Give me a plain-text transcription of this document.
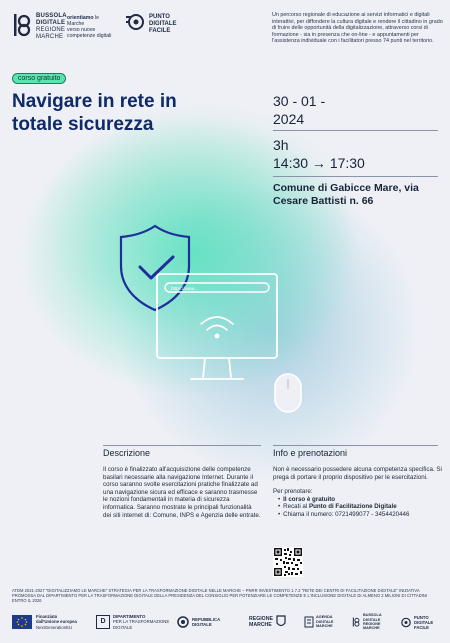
BUSSOLA
DIGITALE
REGIONE
MARCHE
orientiamo le
Marche
verso nuove
competenze digitali
PUNTO
DIGITALE
FACILE
Un percorso regionale di educazione ai servizi informatici e digitali interattivi, per diffondere la cultura digitale e rendere il cittadino in grado di fruire delle opportunità della digitalizzazione, attraverso corsi di formazione - sia in presenza che on-line - e appuntamenti per l'assistenza individuale con i facilitatori presso 74 punti nel territorio.
corso gratuito
Navigare in rete in totale sicurezza
30 - 01 -
2024
3h
14:30 → 17:30
Comune di Gabicce Mare, via Cesare Battisti n. 66
https://www...
Descrizione
Il corso è finalizzato all'acquisizione delle competenze basilari necessarie alla navigazione Internet. Durante il corso saranno svolte esercitazioni pratiche finalizzate ad una navigazione sicura ed efficace e saranno trasmesse le nozioni fondamentali in materia di sicurezza informatica. Saranno mostrate le principali funzionalità dei siti internet di: Comune, INPS e Agenzia delle entrate.
Info e prenotazioni
Non è necessario possedere alcuna competenza specifica. Si prega di portare il proprio dispositivo per le esercitazioni.
Per prenotare:
• Il corso è gratuito
• Recati al Punto di Facilitazione Digitale
• Chiama il numero: 0721499077 - 3454420446
ATDM 2021-2027 "DIGITALIZZIAMO LE MARCHE" STRATEGIA PER LA TRASFORMAZIONE DIGITALE NELLE MARCHE – PNRR INVESTIMENTO 1.7.2 "RETE DEI CENTRI DI FACILITAZIONE DIGITALE" INIZIATIVA PROMOSSA DAL DIPARTIMENTO PER LA TRASFORMAZIONE DIGITALE DELLA PRESIDENZA DEL CONSIGLIO PER POTENZIARE LE COMPETENZE E L'INCLUSIONE DIGITALE DI ALMENO 2 MILIONI DI CITTADINI ENTRO IL 2026
Finanziato
dall'Unione europea
NextGenerationEU
D
DIPARTIMENTO
PER LA TRASFORMAZIONE
DIGITALE
REPUBBLICA
DIGITALE
REGIONE
MARCHE
AGENDA
DIGITALE
MARCHE
BUSSOLA
DIGITALE
REGIONE
MARCHE
PUNTO
DIGITALE
FACILE
